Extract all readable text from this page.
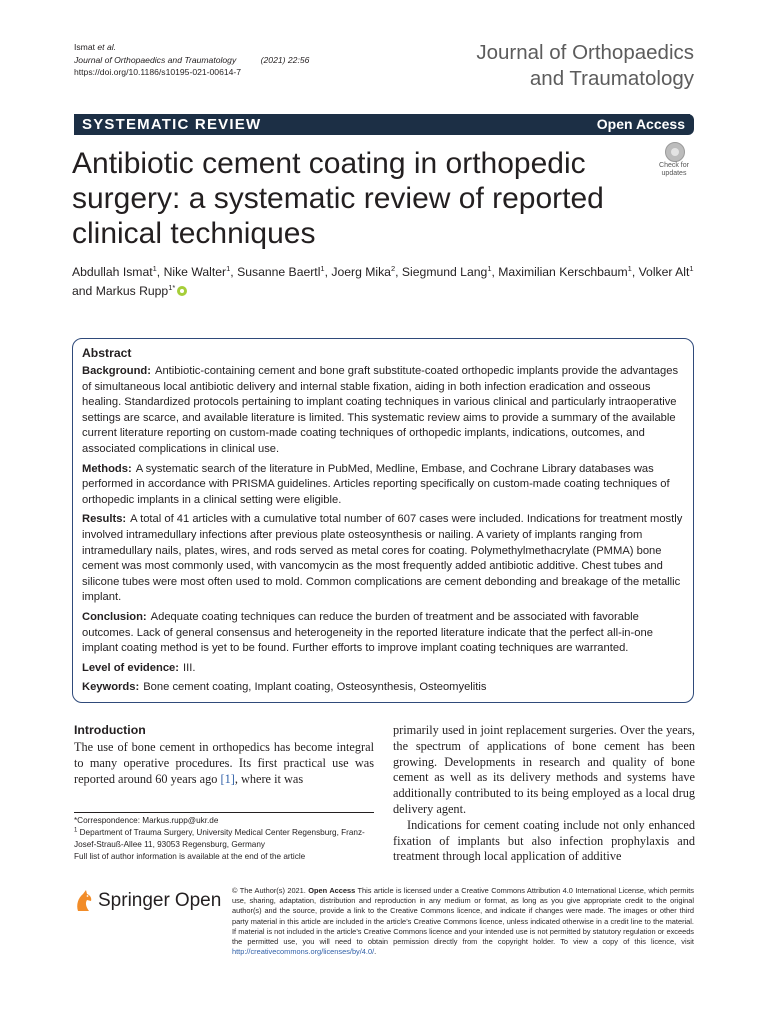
Ismat et al.
Journal of Orthopaedics and Traumatology	(2021) 22:56
https://doi.org/10.1186/s10195-021-00614-7
Journal of Orthopaedics
and Traumatology
SYSTEMATIC REVIEW	Open Access
Antibiotic cement coating in orthopedic surgery: a systematic review of reported clinical techniques
Check for
updates
Abdullah Ismat$^1$, Nike Walter$^1$, Susanne Baertl$^1$, Joerg Mika$^2$, Siegmund Lang$^1$, Maximilian Kerschbaum$^1$, Volker Alt$^1$ and Markus Rupp$^{1*}$
Abstract
Background: Antibiotic-containing cement and bone graft substitute-coated orthopedic implants provide the advantages of simultaneous local antibiotic delivery and internal stable fixation, aiding in both infection eradication and osseous healing. Standardized protocols pertaining to implant coating techniques in various clinical and particularly intraoperative settings are scarce, and available literature is limited. This systematic review aims to provide a summary of the available current literature reporting on custom-made coating techniques of orthopedic implants, indications, outcomes, and associated complications in clinical use.
Methods: A systematic search of the literature in PubMed, Medline, Embase, and Cochrane Library databases was performed in accordance with PRISMA guidelines. Articles reporting specifically on custom-made coating techniques of orthopedic implants in a clinical setting were eligible.
Results: A total of 41 articles with a cumulative total number of 607 cases were included. Indications for treatment mostly involved intramedullary infections after previous plate osteosynthesis or nailing. A variety of implants ranging from intramedullary nails, plates, wires, and rods served as metal cores for coating. Polymethylmethacrylate (PMMA) bone cement was most commonly used, with vancomycin as the most frequently added antibiotic additive. Chest tubes and silicone tubes were most often used to mold. Common complications are cement debonding and breakage of the metallic implant.
Conclusion: Adequate coating techniques can reduce the burden of treatment and be associated with favorable outcomes. Lack of general consensus and heterogeneity in the reported literature indicate that the perfect all-in-one implant coating method is yet to be found. Further efforts to improve implant coating techniques are warranted.
Level of evidence: III.
Keywords: Bone cement coating, Implant coating, Osteosynthesis, Osteomyelitis
Introduction
The use of bone cement in orthopedics has become integral to many operative procedures. Its first practical use was reported around 60 years ago [1], where it was

primarily used in joint replacement surgeries. Over the years, the spectrum of applications of bone cement has been growing. Developments in research and quality of bone cement as well as its delivery methods and systems have additionally contributed to its being employed as a local drug delivery agent.

Indications for cement coating include not only enhanced fixation of implants but also infection prophylaxis and treatment through local application of additive

*Correspondence: Markus.rupp@ukr.de
$^1$ Department of Trauma Surgery, University Medical Center Regensburg, Franz-Josef-Strauß-Allee 11, 93053 Regensburg, Germany
Full list of author information is available at the end of the article
Springer Open © The Author(s) 2021. Open Access This article is licensed under a Creative Commons Attribution 4.0 International License, which permits use, sharing, adaptation, distribution and reproduction in any medium or format, as long as you give appropriate credit to the original author(s) and the source, provide a link to the Creative Commons licence, and indicate if changes were made. The images or other third party material in this article are included in the article’s Creative Commons licence, unless indicated otherwise in a credit line to the material. If material is not included in the article’s Creative Commons licence and your intended use is not permitted by statutory regulation or exceeds the permitted use, you will need to obtain permission directly from the copyright holder. To view a copy of this licence, visit http://creativecommons.org/licenses/by/4.0/.
